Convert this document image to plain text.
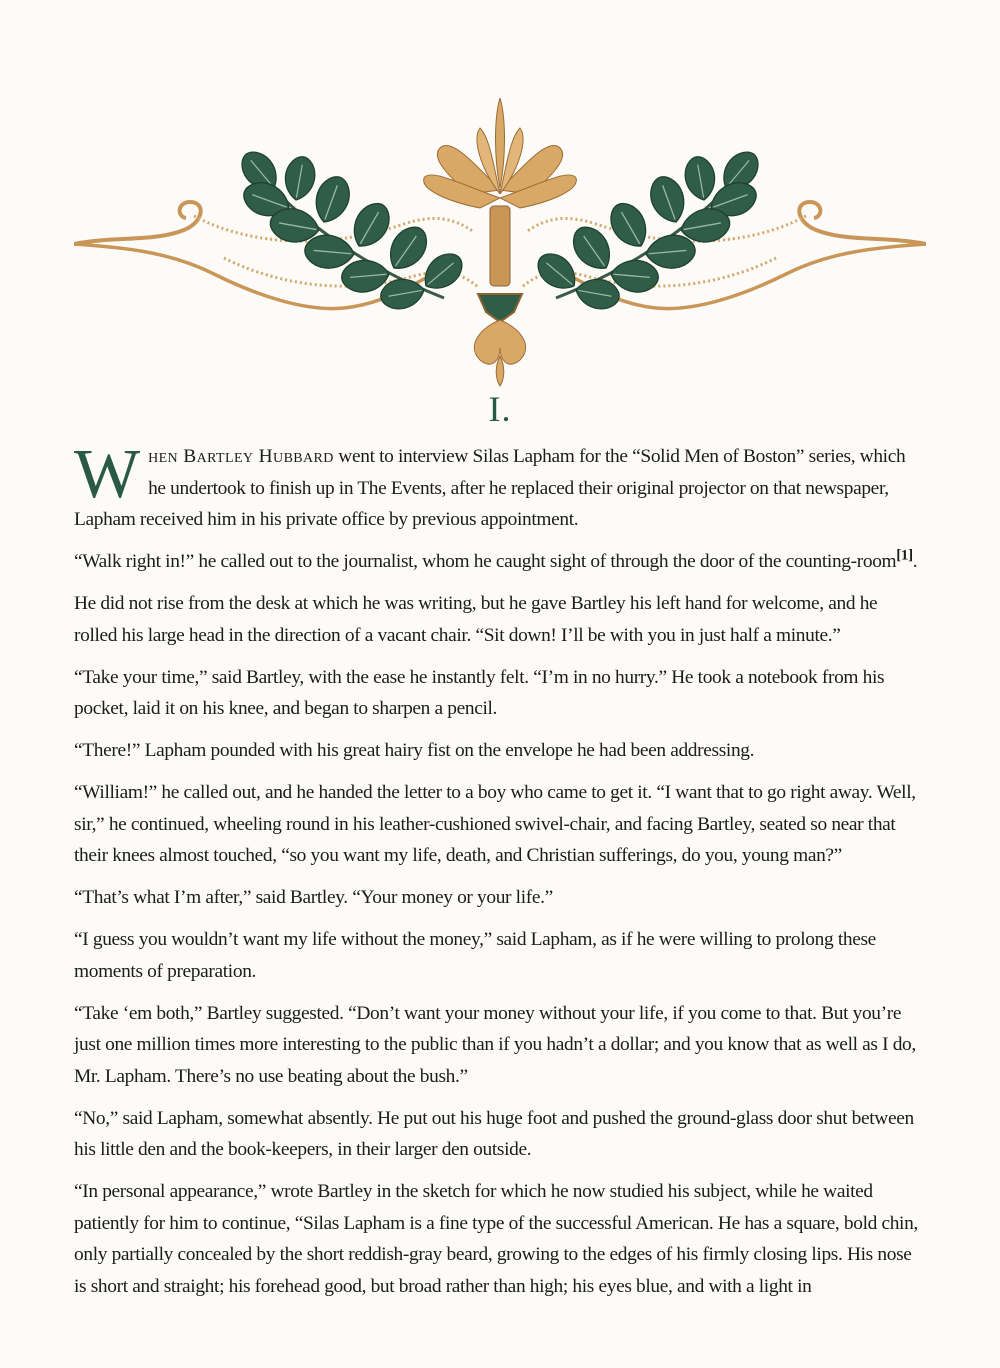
I.

When Bartley Hubbard went to interview Silas Lapham for the “Solid Men of Boston” series, which he undertook to finish up in The Events, after he replaced their original projector on that newspaper, Lapham received him in his private office by previous appointment.

“Walk right in!” he called out to the journalist, whom he caught sight of through the door of the counting-room[1].

He did not rise from the desk at which he was writing, but he gave Bartley his left hand for welcome, and he rolled his large head in the direction of a vacant chair. “Sit down! I’ll be with you in just half a minute.”

“Take your time,” said Bartley, with the ease he instantly felt. “I’m in no hurry.” He took a notebook from his pocket, laid it on his knee, and began to sharpen a pencil.

“There!” Lapham pounded with his great hairy fist on the envelope he had been addressing.

“William!” he called out, and he handed the letter to a boy who came to get it. “I want that to go right away. Well, sir,” he continued, wheeling round in his leather-cushioned swivel-chair, and facing Bartley, seated so near that their knees almost touched, “so you want my life, death, and Christian sufferings, do you, young man?”

“That’s what I’m after,” said Bartley. “Your money or your life.”

“I guess you wouldn’t want my life without the money,” said Lapham, as if he were willing to prolong these moments of preparation.

“Take ‘em both,” Bartley suggested. “Don’t want your money without your life, if you come to that. But you’re just one million times more interesting to the public than if you hadn’t a dollar; and you know that as well as I do, Mr. Lapham. There’s no use beating about the bush.”

“No,” said Lapham, somewhat absently. He put out his huge foot and pushed the ground-glass door shut between his little den and the book-keepers, in their larger den outside.

“In personal appearance,” wrote Bartley in the sketch for which he now studied his subject, while he waited patiently for him to continue, “Silas Lapham is a fine type of the successful American. He has a square, bold chin, only partially concealed by the short reddish-gray beard, growing to the edges of his firmly closing lips. His nose is short and straight; his forehead good, but broad rather than high; his eyes blue, and with a light in
